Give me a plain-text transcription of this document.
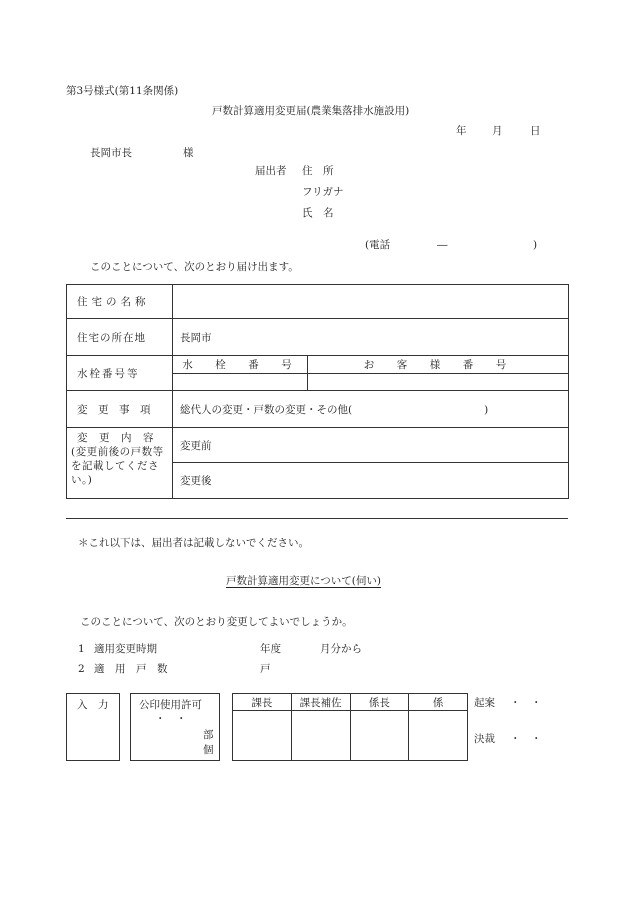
第3号様式(第11条関係)
戸数計算適用変更届(農業集落排水施設用)
年 月	日
長岡市長	様
届出者 住　所
フリガナ
氏　名
(電話	―	)
このことについて、次のとおり届け出ます。
住宅の名称		
住宅の所在地	長岡市	
水栓番号等	水　栓　番　号	お　客　様　番　号

変　更　事　項	総代人の変更・戸数の変更・その他( )	

変　更　内　容
(変更前後の戸数等を記載してください。)	変更前	
	変更後	
＊これ以下は、届出者は記載しないでください。
戸数計算適用変更について(伺い)
このことについて、次のとおり変更してよいでしょうか。
1 適用変更時期	年度	月分から
2 適　用　戸　数	戸
入　力	公印使用許可
・　・
部
個
課長	課長補佐	係長	係
				起案 ・　・
決裁 ・　・
